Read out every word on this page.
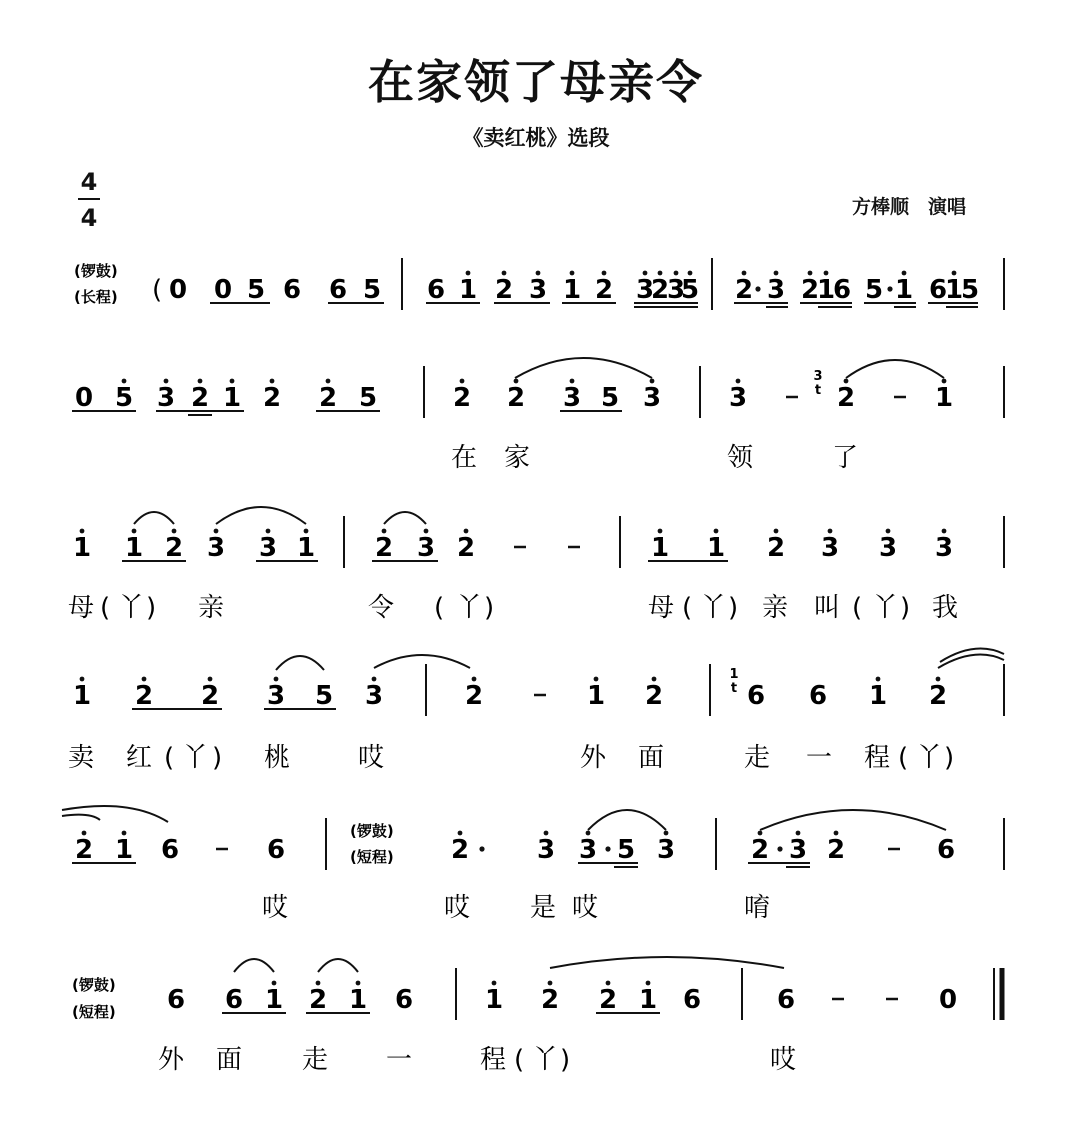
在家领了母亲令
《卖红桃》选段
方棒顺　演唱
4
4
(锣鼓)
(长程) (
(锣鼓)
(短程)
(锣鼓)
(短程)
在 家	领	了
母 ( 丫 ) 亲	令 ( 丫 )	母 ( 丫 ) 亲 叫 ( 丫 ) 我
卖 红 ( 丫 ) 桃	哎	外 面	走 一 程 ( 丫 )
哎	哎 是 哎	唷
外 面 走 一	程 ( 丫 )	哎
0 0 5 6 6 5 6 1 2 3 1 2 3
2
3
5 2 3 2
1
6 5 1 6
1
5
0 5 3 2 1 2 2 5	2 2 3 5 3	3
3
t 2	1
1 1 2 3 3 1 2 3 2	1 1 2 3 3 3
1 2 2 3 5 3	2	1 2
1
t 6 6 1 2
2 1 6	6	2	3 3 5 3	2 3 2	6
6 6 1 2 1 6	1 2 2 1 6	6	0
